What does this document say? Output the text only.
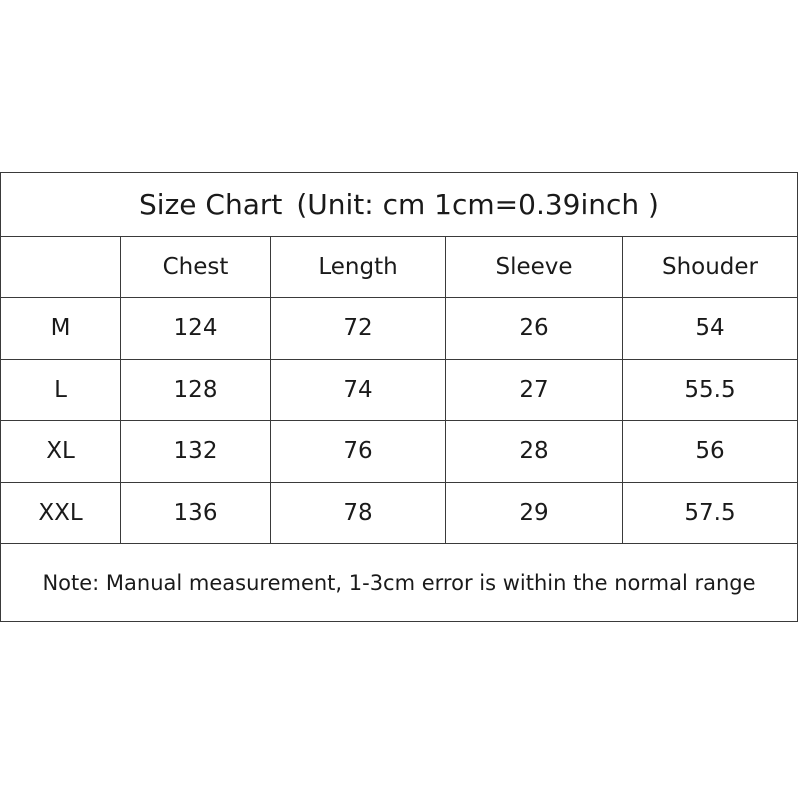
Size Chart (Unit: cm 1cm=0.39inch )				
	Chest	Length	Sleeve	Shouder
M	124	72	26	54
L	128	74	27	55.5
XL	132	76	28	56
XXL	136	78	29	57.5
Note: Manual measurement, 1-3cm error is within the normal range				
